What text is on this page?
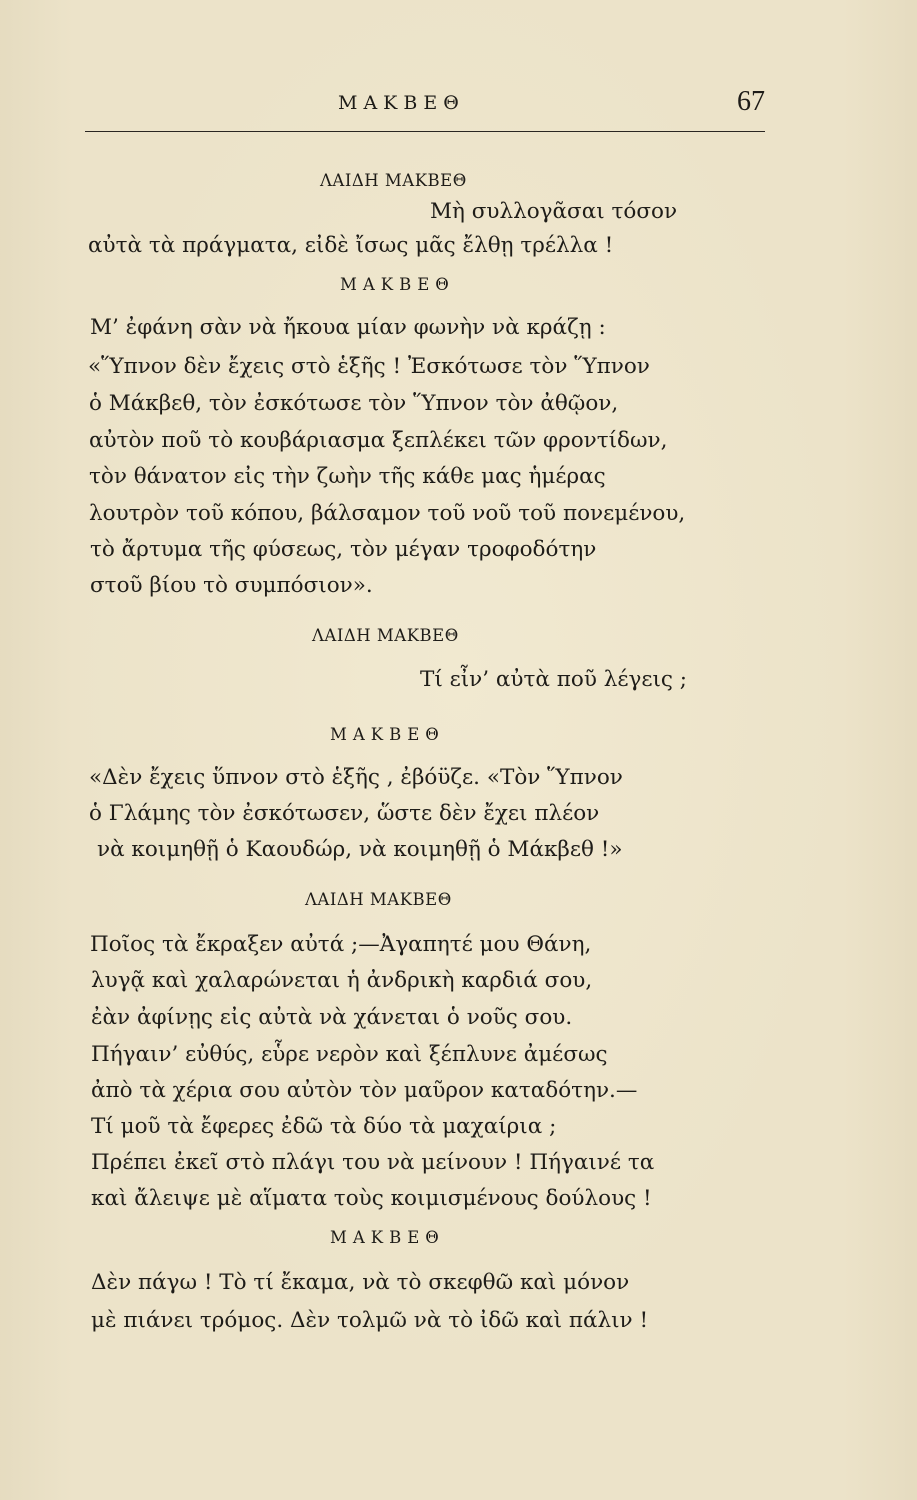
ΜΑΚΒΕΘ	67
ΛΑΙΔΗ ΜΑΚΒΕΘ
Μὴ συλλογᾶσαι τόσον
αὐτὰ τὰ πράγματα, εἰδὲ ἴσως μᾶς ἔλθῃ τρέλλα !
ΜΑΚΒΕΘ
Μ’ ἐφάνη σὰν νὰ ἤκουα μίαν φωνὴν νὰ κράζῃ :
«Ὕπνον δὲν ἔχεις στὸ ἑξῆς ! Ἐσκότωσε τὸν Ὕπνον
ὁ Μάκβεθ, τὸν ἐσκότωσε τὸν Ὕπνον τὸν ἀθῷον,
αὐτὸν ποῦ τὸ κουβάριασμα ξεπλέκει τῶν φροντίδων,
τὸν θάνατον εἰς τὴν ζωὴν τῆς κάθε μας ἡμέρας
λουτρὸν τοῦ κόπου, βάλσαμον τοῦ νοῦ τοῦ πονεμένου,
τὸ ἄρτυμα τῆς φύσεως, τὸν μέγαν τροφοδότην
στοῦ βίου τὸ συμπόσιον».
ΛΑΙΔΗ ΜΑΚΒΕΘ
Τί εἶν’ αὐτὰ ποῦ λέγεις ;
ΜΑΚΒΕΘ
«Δὲν ἔχεις ὕπνον στὸ ἑξῆς , ἐβόϋζε. «Τὸν Ὕπνον
ὁ Γλάμης τὸν ἐσκότωσεν, ὥστε δὲν ἔχει πλέον
νὰ κοιμηθῇ ὁ Καουδώρ, νὰ κοιμηθῇ ὁ Μάκβεθ !»
ΛΑΙΔΗ ΜΑΚΒΕΘ
Ποῖος τὰ ἔκραξεν αὐτά ;—Ἀγαπητέ μου Θάνη,
λυγᾷ καὶ χαλαρώνεται ἡ ἀνδρικὴ καρδιά σου,
ἐὰν ἀφίνῃς εἰς αὐτὰ νὰ χάνεται ὁ νοῦς σου.
Πήγαιν’ εὐθύς, εὗρε νερὸν καὶ ξέπλυνε ἀμέσως
ἀπὸ τὰ χέρια σου αὐτὸν τὸν μαῦρον καταδότην.—
Τί μοῦ τὰ ἔφερες ἐδῶ τὰ δύο τὰ μαχαίρια ;
Πρέπει ἐκεῖ στὸ πλάγι του νὰ μείνουν ! Πήγαινέ τα
καὶ ἄλειψε μὲ αἵματα τοὺς κοιμισμένους δούλους !
ΜΑΚΒΕΘ
Δὲν πάγω ! Τὸ τί ἔκαμα, νὰ τὸ σκεφθῶ καὶ μόνον
μὲ πιάνει τρόμος. Δὲν τολμῶ νὰ τὸ ἰδῶ καὶ πάλιν !
